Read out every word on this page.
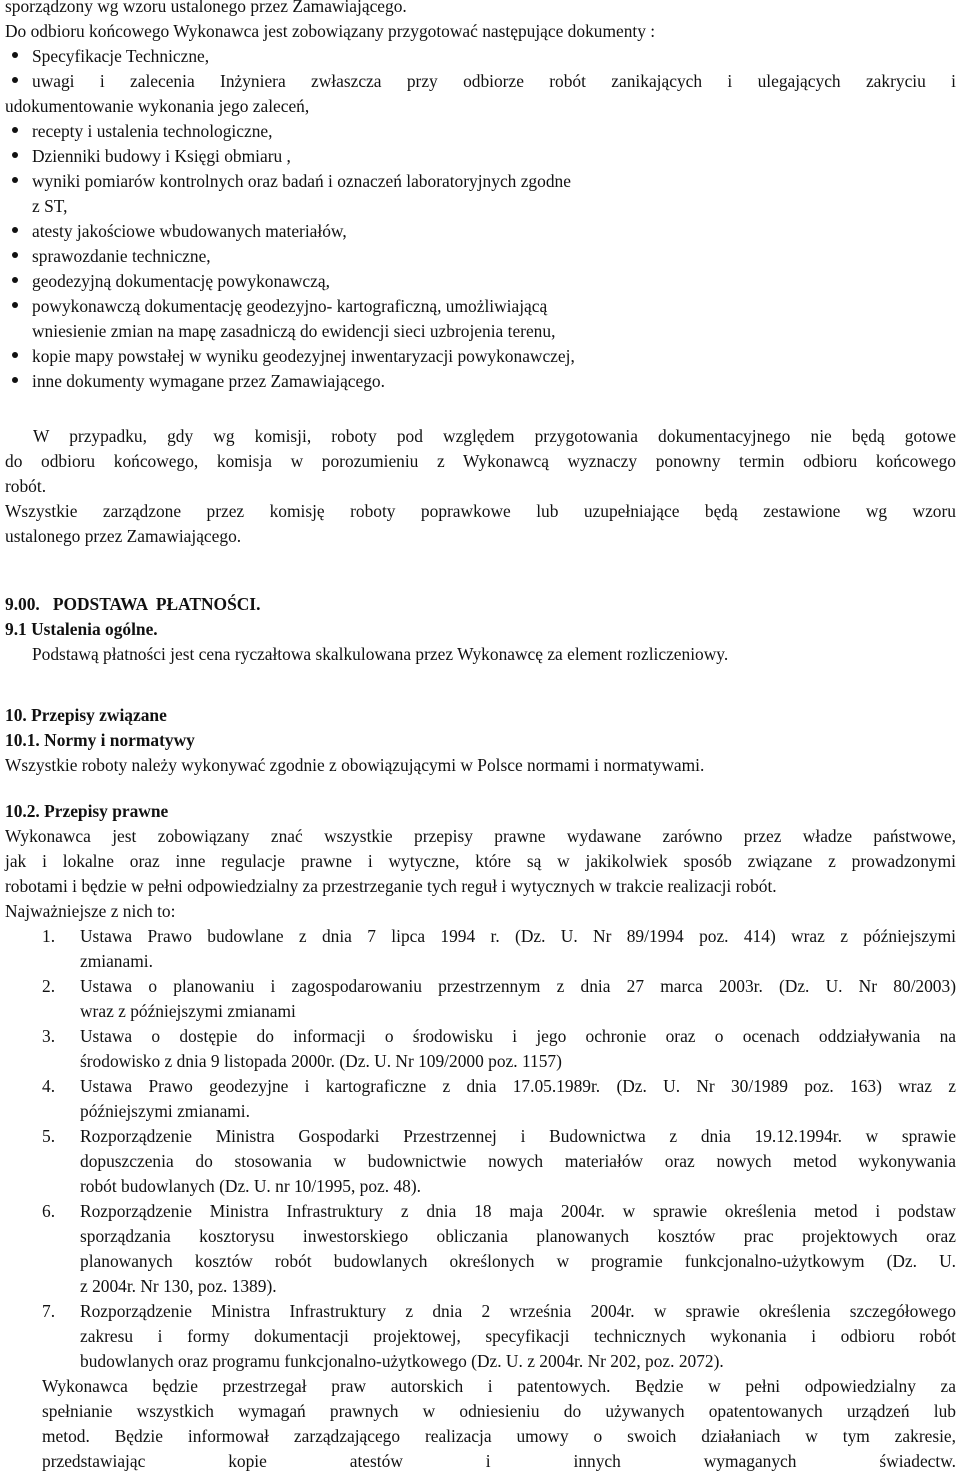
sporządzony wg wzoru ustalonego przez Zamawiającego.
Do odbioru końcowego Wykonawca jest zobowiązany przygotować następujące dokumenty :
Specyfikacje Techniczne,
uwagi i zalecenia Inżyniera zwłaszcza przy odbiorze robót zanikających i ulegających zakryciu i
udokumentowanie wykonania jego zaleceń,
recepty i ustalenia technologiczne,
Dzienniki budowy i Księgi obmiaru ,
wyniki pomiarów kontrolnych oraz badań i oznaczeń laboratoryjnych zgodne
z ST,
atesty jakościowe wbudowanych materiałów,
sprawozdanie techniczne,
geodezyjną dokumentację powykonawczą,
powykonawczą dokumentację geodezyjno- kartograficzną, umożliwiającą
wniesienie zmian na mapę zasadniczą do ewidencji sieci uzbrojenia terenu,
kopie mapy powstałej w wyniku geodezyjnej inwentaryzacji powykonawczej,
inne dokumenty wymagane przez Zamawiającego.
W przypadku, gdy wg komisji, roboty pod względem przygotowania dokumentacyjnego nie będą gotowe
do odbioru końcowego, komisja w porozumieniu z Wykonawcą wyznaczy ponowny termin odbioru końcowego
robót.
Wszystkie zarządzone przez komisję roboty poprawkowe lub uzupełniające będą zestawione wg wzoru
ustalonego przez Zamawiającego.
9.00.   PODSTAWA  PŁATNOŚCI.
9.1 Ustalenia ogólne.
Podstawą płatności jest cena ryczałtowa skalkulowana przez Wykonawcę za element rozliczeniowy.
10. Przepisy związane
10.1. Normy i normatywy
Wszystkie roboty należy wykonywać zgodnie z obowiązującymi w Polsce normami i normatywami.
10.2. Przepisy prawne
Wykonawca jest zobowiązany znać wszystkie przepisy prawne wydawane zarówno przez władze państwowe,
jak i lokalne oraz inne regulacje prawne i wytyczne, które są w jakikolwiek sposób związane z prowadzonymi
robotami i będzie w pełni odpowiedzialny za przestrzeganie tych reguł i wytycznych w trakcie realizacji robót.
Najważniejsze z nich to:
1. Ustawa Prawo budowlane z dnia 7 lipca 1994 r. (Dz. U. Nr 89/1994 poz. 414) wraz z późniejszymi
zmianami.
2. Ustawa o planowaniu i zagospodarowaniu przestrzennym z dnia 27 marca 2003r. (Dz. U. Nr 80/2003)
wraz z późniejszymi zmianami
3. Ustawa o dostępie do informacji o środowisku i jego ochronie oraz o ocenach oddziaływania na
środowisko z dnia 9 listopada 2000r. (Dz. U. Nr 109/2000 poz. 1157)
4. Ustawa Prawo geodezyjne i kartograficzne z dnia 17.05.1989r. (Dz. U. Nr 30/1989 poz. 163) wraz z
późniejszymi zmianami.
5. Rozporządzenie Ministra Gospodarki Przestrzennej i Budownictwa z dnia 19.12.1994r. w sprawie
dopuszczenia do stosowania w budownictwie nowych materiałów oraz nowych metod wykonywania
robót budowlanych (Dz. U. nr 10/1995, poz. 48).
6. Rozporządzenie Ministra Infrastruktury z dnia 18 maja 2004r. w sprawie określenia metod i podstaw
sporządzania kosztorysu inwestorskiego obliczania planowanych kosztów prac projektowych oraz
planowanych kosztów robót budowlanych określonych w programie funkcjonalno-użytkowym (Dz. U.
z 2004r. Nr 130, poz. 1389).
7. Rozporządzenie Ministra Infrastruktury z dnia 2 września 2004r. w sprawie określenia szczegółowego
zakresu i formy dokumentacji projektowej, specyfikacji technicznych wykonania i odbioru robót
budowlanych oraz programu funkcjonalno-użytkowego (Dz. U. z 2004r. Nr 202, poz. 2072).
Wykonawca będzie przestrzegał praw autorskich i patentowych. Będzie w pełni odpowiedzialny za
spełnianie wszystkich wymagań prawnych w odniesieniu do używanych opatentowanych urządzeń lub
metod. Będzie informował zarządzającego realizacja umowy o swoich działaniach w tym zakresie,
przedstawiając kopie atestów i innych wymaganych świadectw.
